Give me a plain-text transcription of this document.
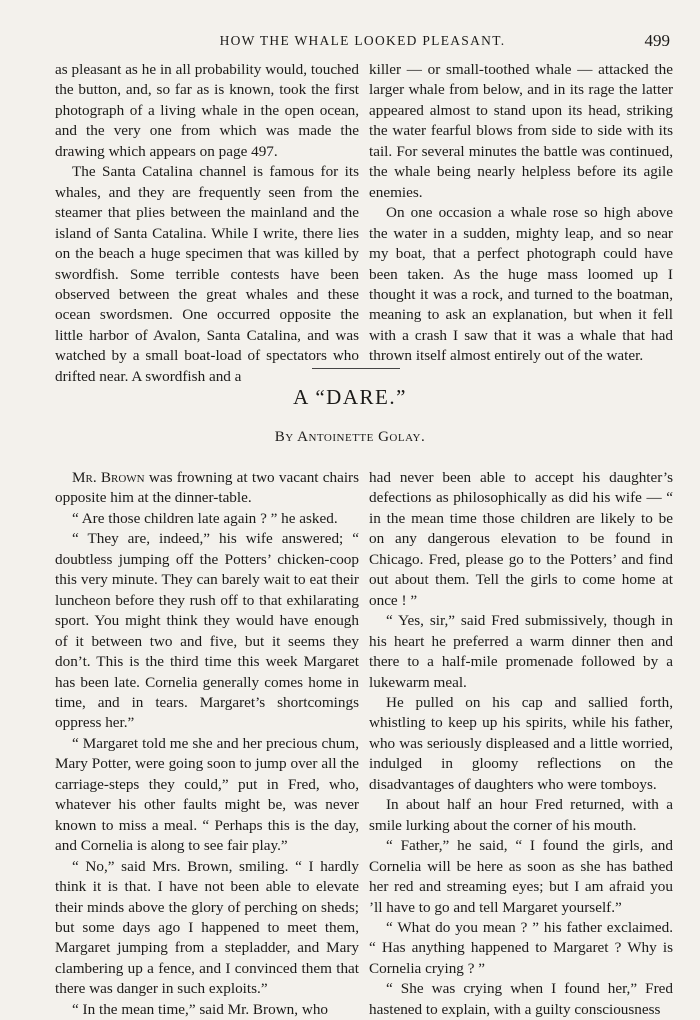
HOW THE WHALE LOOKED PLEASANT.	499

as pleasant as he in all probability would, touched the button, and, so far as is known, took the first photograph of a living whale in the open ocean, and the very one from which was made the drawing which appears on page 497.

The Santa Catalina channel is famous for its whales, and they are frequently seen from the steamer that plies between the mainland and the island of Santa Catalina. While I write, there lies on the beach a huge specimen that was killed by swordfish. Some terrible contests have been observed between the great whales and these ocean swordsmen. One occurred opposite the little harbor of Avalon, Santa Catalina, and was watched by a small boat-load of spectators who drifted near. A swordfish and a

killer — or small-toothed whale — attacked the larger whale from below, and in its rage the latter appeared almost to stand upon its head, striking the water fearful blows from side to side with its tail. For several minutes the battle was continued, the whale being nearly helpless before its agile enemies.

On one occasion a whale rose so high above the water in a sudden, mighty leap, and so near my boat, that a perfect photograph could have been taken. As the huge mass loomed up I thought it was a rock, and turned to the boatman, meaning to ask an explanation, but when it fell with a crash I saw that it was a whale that had thrown itself almost entirely out of the water.

A “DARE.”
By Antoinette Golay.

Mr. Brown was frowning at two vacant chairs opposite him at the dinner-table.

“ Are those children late again ? ” he asked.

“ They are, indeed,” his wife answered; “ doubtless jumping off the Potters’ chicken-coop this very minute. They can barely wait to eat their luncheon before they rush off to that exhilarating sport. You might think they would have enough of it between two and five, but it seems they don’t. This is the third time this week Margaret has been late. Cornelia generally comes home in time, and in tears. Margaret’s shortcomings oppress her.”

“ Margaret told me she and her precious chum, Mary Potter, were going soon to jump over all the carriage-steps they could,” put in Fred, who, whatever his other faults might be, was never known to miss a meal. “ Perhaps this is the day, and Cornelia is along to see fair play.”

“ No,” said Mrs. Brown, smiling. “ I hardly think it is that. I have not been able to elevate their minds above the glory of perching on sheds; but some days ago I happened to meet them, Margaret jumping from a stepladder, and Mary clambering up a fence, and I convinced them that there was danger in such exploits.”

“ In the mean time,” said Mr. Brown, who

had never been able to accept his daughter’s defections as philosophically as did his wife — “ in the mean time those children are likely to be on any dangerous elevation to be found in Chicago. Fred, please go to the Potters’ and find out about them. Tell the girls to come home at once ! ”

“ Yes, sir,” said Fred submissively, though in his heart he preferred a warm dinner then and there to a half-mile promenade followed by a lukewarm meal.

He pulled on his cap and sallied forth, whistling to keep up his spirits, while his father, who was seriously displeased and a little worried, indulged in gloomy reflections on the disadvantages of daughters who were tomboys.

In about half an hour Fred returned, with a smile lurking about the corner of his mouth.

“ Father,” he said, “ I found the girls, and Cornelia will be here as soon as she has bathed her red and streaming eyes; but I am afraid you ’ll have to go and tell Margaret yourself.”

“ What do you mean ? ” his father exclaimed. “ Has anything happened to Margaret ? Why is Cornelia crying ? ”

“ She was crying when I found her,” Fred hastened to explain, with a guilty consciousness
